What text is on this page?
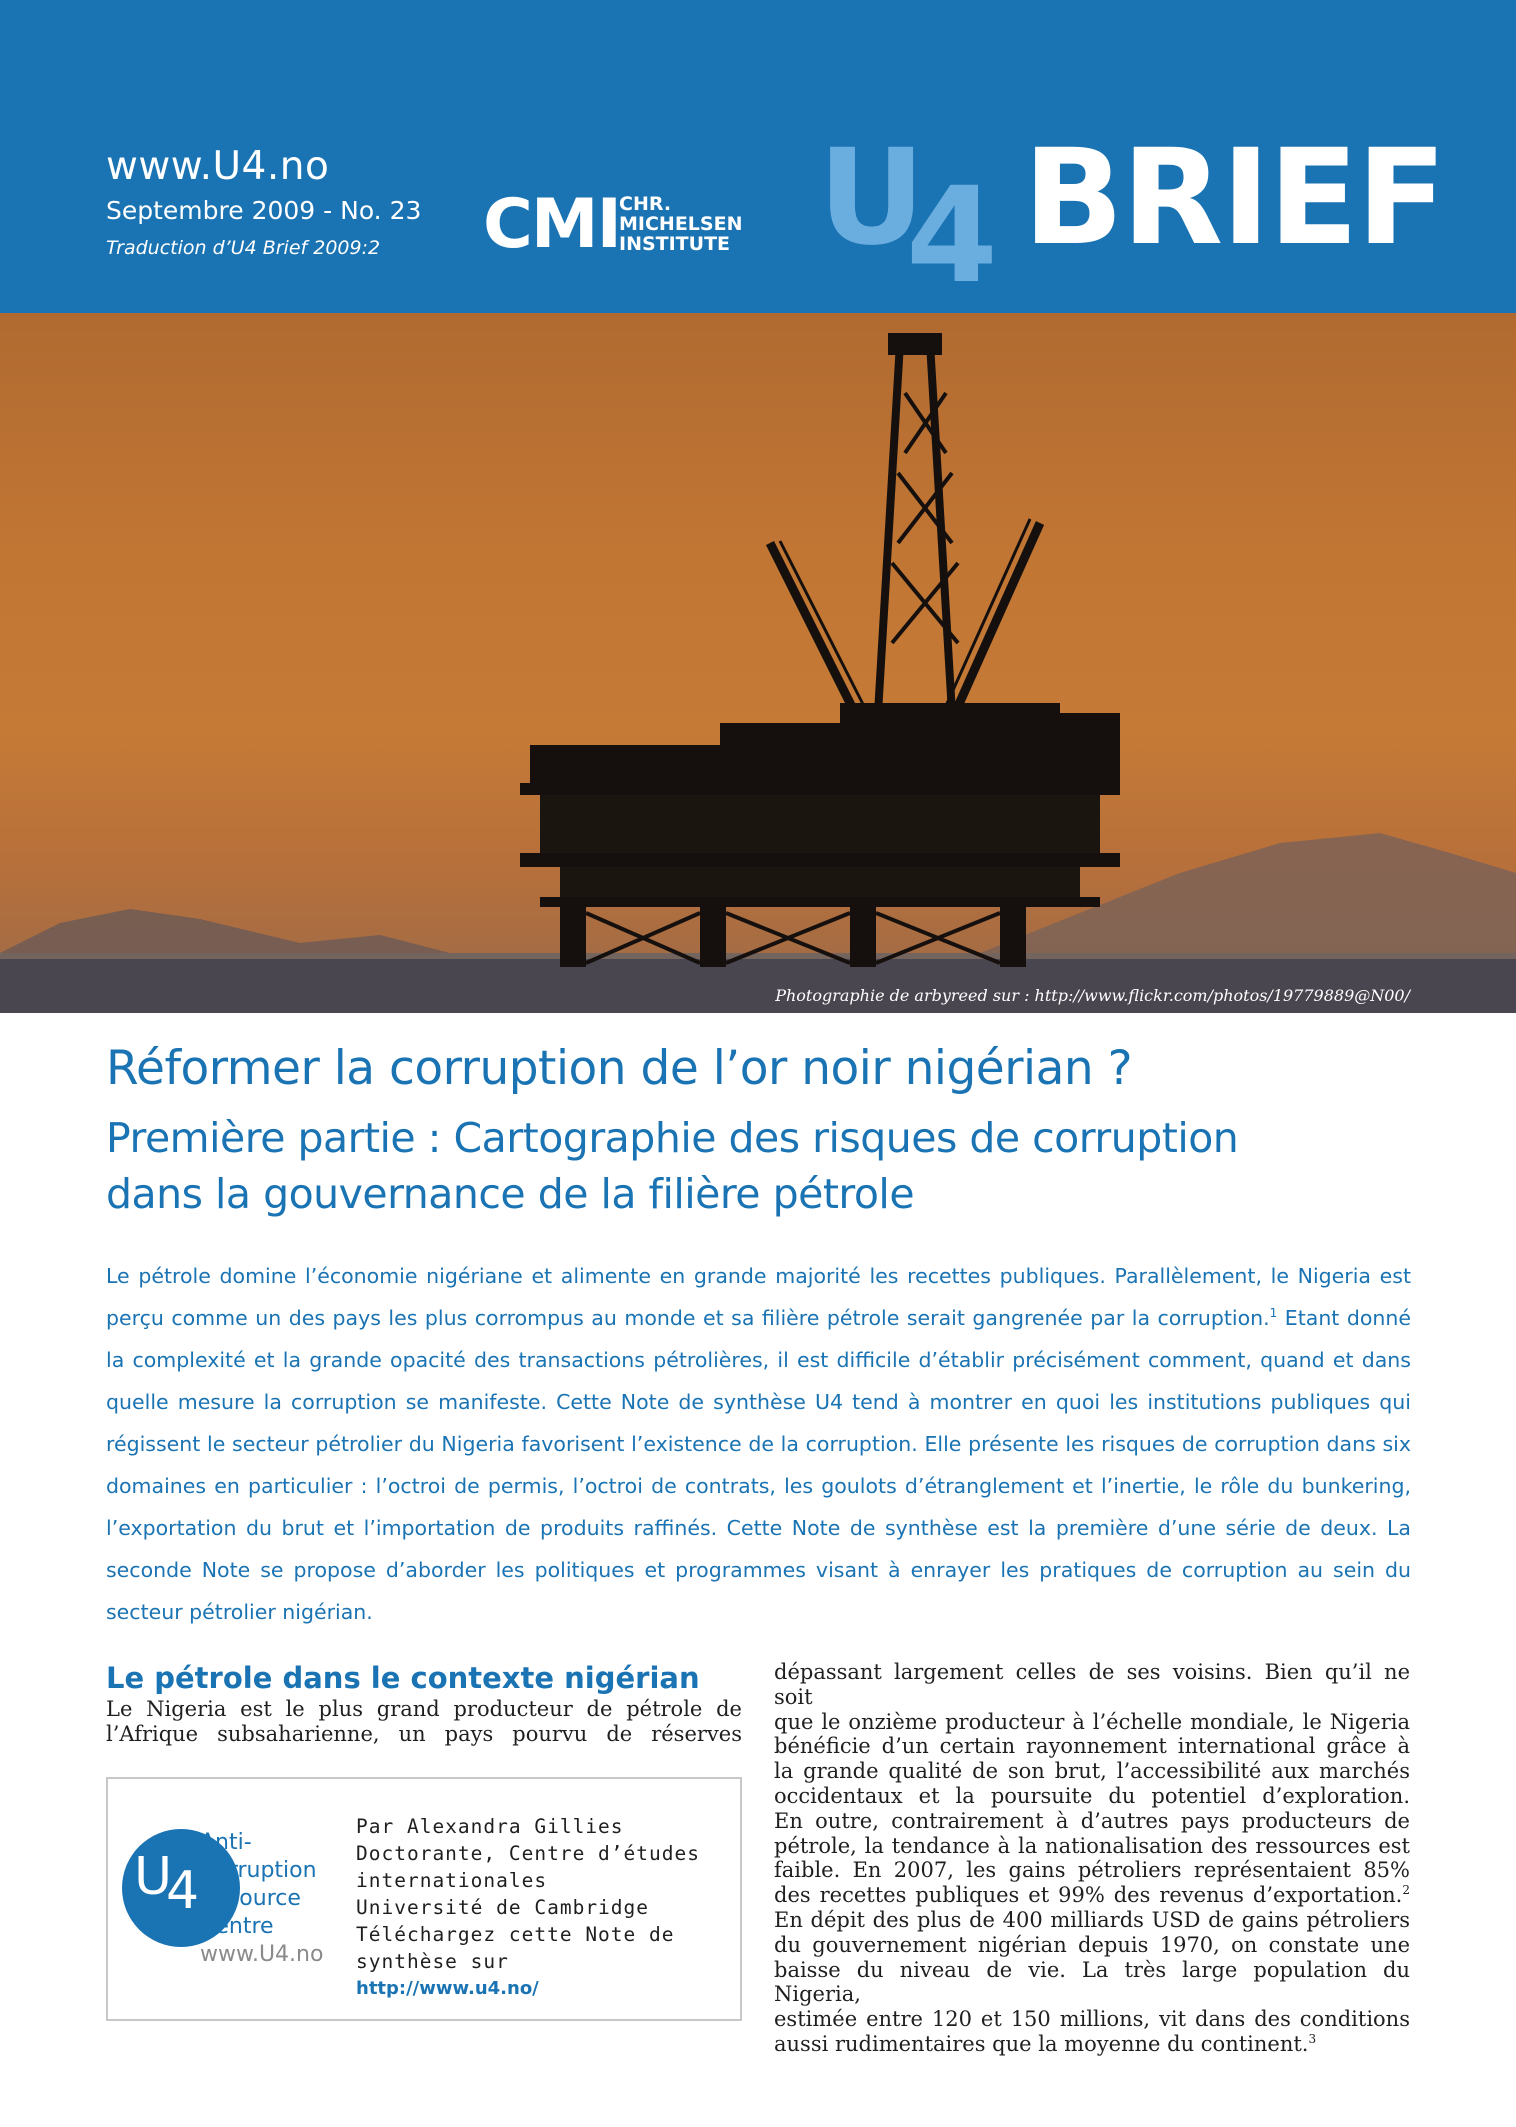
www.U4.no
Septembre 2009 - No. 23
Traduction d’U4 Brief 2009:2 CMI CHR.
MICHELSEN
INSTITUTE U
4 BRIEF
Photographie de arbyreed sur : http://www.flickr.com/photos/19779889@N00/
Réformer la corruption de l’or noir nigérian ?
Première partie : Cartographie des risques de corruption
dans la gouvernance de la filière pétrole
Le pétrole domine l’économie nigériane et alimente en grande majorité les recettes publiques. Parallèlement, le Nigeria est perçu comme un des pays les plus corrompus au monde et sa filière pétrole serait gangrenée par la corruption.$^1$ Etant donné la complexité et la grande opacité des transactions pétrolières, il est difficile d’établir précisément comment, quand et dans quelle mesure la corruption se manifeste. Cette Note de synthèse U4 tend à montrer en quoi les institutions publiques qui régissent le secteur pétrolier du Nigeria favorisent l’existence de la corruption. Elle présente les risques de corruption dans six domaines en particulier : l’octroi de permis, l’octroi de contrats, les goulots d’étranglement et l’inertie, le rôle du bunkering, l’exportation du brut et l’importation de produits raffinés. Cette Note de synthèse est la première d’une série de deux. La seconde Note se propose d’aborder les politiques et programmes visant à enrayer les pratiques de corruption au sein du secteur pétrolier nigérian.
Le pétrole dans le contexte nigérian
Le Nigeria est le plus grand producteur de pétrole de
l’Afrique subsaharienne, un pays pourvu de réserves
U
4
Anti-
Corruption
Resource
Centre
www.U4.no
Par Alexandra Gillies
Doctorante, Centre d’études
internationales
Université de Cambridge
Téléchargez cette Note de
synthèse sur
http://www.u4.no/
dépassant largement celles de ses voisins. Bien qu’il ne soit
que le onzième producteur à l’échelle mondiale, le Nigeria
bénéficie d’un certain rayonnement international grâce à
la grande qualité de son brut, l’accessibilité aux marchés
occidentaux et la poursuite du potentiel d’exploration.
En outre, contrairement à d’autres pays producteurs de
pétrole, la tendance à la nationalisation des ressources est
faible. En 2007, les gains pétroliers représentaient 85%
des recettes publiques et 99% des revenus d’exportation.$^2$
En dépit des plus de 400 milliards USD de gains pétroliers
du gouvernement nigérian depuis 1970, on constate une
baisse du niveau de vie. La très large population du Nigeria,
estimée entre 120 et 150 millions, vit dans des conditions
aussi rudimentaires que la moyenne du continent.$^3$
